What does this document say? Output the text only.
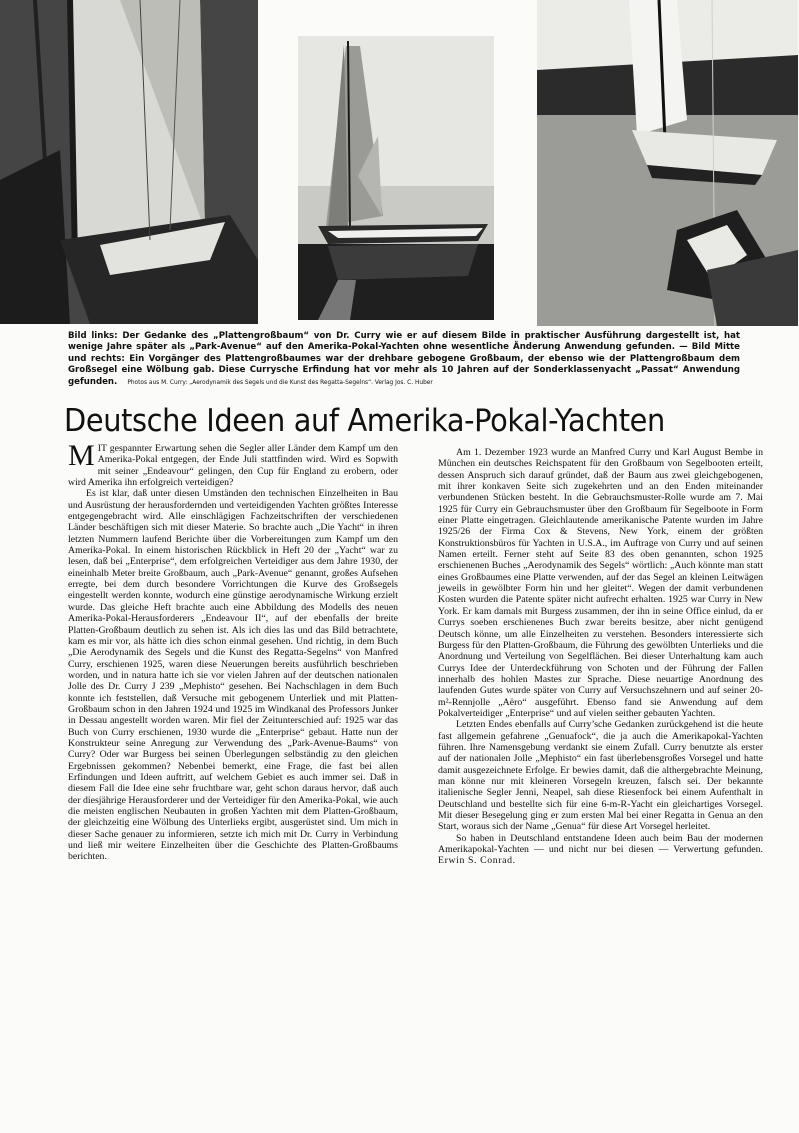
Bild links: Der Gedanke des „Plattengroßbaum“ von Dr. Curry wie er auf diesem Bilde in praktischer Ausführung dargestellt ist, hat wenige Jahre später als „Park-Avenue“ auf den Amerika-Pokal-Yachten ohne wesentliche Änderung Anwendung gefunden. — Bild Mitte und rechts: Ein Vorgänger des Plattengroßbaumes war der drehbare gebogene Großbaum, der ebenso wie der Plattengroßbaum dem Großsegel eine Wölbung gab. Diese Currysche Erfindung hat vor mehr als 10 Jahren auf der Sonderklassenyacht „Passat“ Anwendung gefunden. Photos aus M. Curry: „Aerodynamik des Segels und die Kunst des Regatta-Segelns“. Verlag Jos. C. Huber

Deutsche Ideen auf Amerika-Pokal-Yachten

MIT gespannter Erwartung sehen die Segler aller Länder dem Kampf um den Amerika-Pokal entgegen, der Ende Juli stattfinden wird. Wird es Sopwith mit seiner „Endeavour“ gelingen, den Cup für England zu erobern, oder wird Amerika ihn erfolgreich verteidigen?

Es ist klar, daß unter diesen Umständen den technischen Einzelheiten in Bau und Ausrüstung der herausfordernden und verteidigenden Yachten größtes Interesse entgegengebracht wird. Alle einschlägigen Fachzeitschriften der verschiedenen Länder beschäftigen sich mit dieser Materie. So brachte auch „Die Yacht“ in ihren letzten Nummern laufend Berichte über die Vorbereitungen zum Kampf um den Amerika-Pokal. In einem historischen Rückblick in Heft 20 der „Yacht“ war zu lesen, daß bei „Enterprise“, dem erfolgreichen Verteidiger aus dem Jahre 1930, der eineinhalb Meter breite Großbaum, auch „Park-Avenue“ genannt, großes Aufsehen erregte, bei dem durch besondere Vorrichtungen die Kurve des Großsegels eingestellt werden konnte, wodurch eine günstige aerodynamische Wirkung erzielt wurde. Das gleiche Heft brachte auch eine Abbildung des Modells des neuen Amerika-Pokal-Herausforderers „Endeavour II“, auf der ebenfalls der breite Platten-Großbaum deutlich zu sehen ist. Als ich dies las und das Bild betrachtete, kam es mir vor, als hätte ich dies schon einmal gesehen. Und richtig, in dem Buch „Die Aerodynamik des Segels und die Kunst des Regatta-Segelns“ von Manfred Curry, erschienen 1925, waren diese Neuerungen bereits ausführlich beschrieben worden, und in natura hatte ich sie vor vielen Jahren auf der deutschen nationalen Jolle des Dr. Curry J 239 „Mephisto“ gesehen. Bei Nachschlagen in dem Buch konnte ich feststellen, daß Versuche mit gebogenem Unterliek und mit Platten-Großbaum schon in den Jahren 1924 und 1925 im Windkanal des Professors Junker in Dessau angestellt worden waren. Mir fiel der Zeitunterschied auf: 1925 war das Buch von Curry erschienen, 1930 wurde die „Enterprise“ gebaut. Hatte nun der Konstrukteur seine Anregung zur Verwendung des „Park-Avenue-Baums“ von Curry? Oder war Burgess bei seinen Überlegungen selbständig zu den gleichen Ergebnissen gekommen? Nebenbei bemerkt, eine Frage, die fast bei allen Erfindungen und Ideen auftritt, auf welchem Gebiet es auch immer sei. Daß in diesem Fall die Idee eine sehr fruchtbare war, geht schon daraus hervor, daß auch der diesjährige Herausforderer und der Verteidiger für den Amerika-Pokal, wie auch die meisten englischen Neubauten in großen Yachten mit dem Platten-Großbaum, der gleichzeitig eine Wölbung des Unterlieks ergibt, ausgerüstet sind. Um mich in dieser Sache genauer zu informieren, setzte ich mich mit Dr. Curry in Verbindung und ließ mir weitere Einzelheiten über die Geschichte des Platten-Großbaums berichten.

Am 1. Dezember 1923 wurde an Manfred Curry und Karl August Bembe in München ein deutsches Reichspatent für den Großbaum von Segelbooten erteilt, dessen Anspruch sich darauf gründet, daß der Baum aus zwei gleichgebogenen, mit ihrer konkaven Seite sich zugekehrten und an den Enden miteinander verbundenen Stücken besteht. In die Gebrauchsmuster-Rolle wurde am 7. Mai 1925 für Curry ein Gebrauchsmuster über den Großbaum für Segelboote in Form einer Platte eingetragen. Gleichlautende amerikanische Patente wurden im Jahre 1925/26 der Firma Cox & Stevens, New York, einem der größten Konstruktionsbüros für Yachten in U.S.A., im Auftrage von Curry und auf seinen Namen erteilt. Ferner steht auf Seite 83 des oben genannten, schon 1925 erschienenen Buches „Aerodynamik des Segels“ wörtlich: „Auch könnte man statt eines Großbaumes eine Platte verwenden, auf der das Segel an kleinen Leitwägen jeweils in gewölbter Form hin und her gleitet“. Wegen der damit verbundenen Kosten wurden die Patente später nicht aufrecht erhalten. 1925 war Curry in New York. Er kam damals mit Burgess zusammen, der ihn in seine Office einlud, da er Currys soeben erschienenes Buch zwar bereits besitze, aber nicht genügend Deutsch könne, um alle Einzelheiten zu verstehen. Besonders interessierte sich Burgess für den Platten-Großbaum, die Führung des gewölbten Unterlieks und die Anordnung und Verteilung von Segelflächen. Bei dieser Unterhaltung kam auch Currys Idee der Unterdeckführung von Schoten und der Führung der Fallen innerhalb des hohlen Mastes zur Sprache. Diese neuartige Anordnung des laufenden Gutes wurde später von Curry auf Versuchszehnern und auf seiner 20-m²-Rennjolle „Aëro“ ausgeführt. Ebenso fand sie Anwendung auf dem Pokalverteidiger „Enterprise“ und auf vielen seither gebauten Yachten.

Letzten Endes ebenfalls auf Curry’sche Gedanken zurückgehend ist die heute fast allgemein gefahrene „Genuafock“, die ja auch die Amerikapokal-Yachten führen. Ihre Namensgebung verdankt sie einem Zufall. Curry benutzte als erster auf der nationalen Jolle „Mephisto“ ein fast überlebensgroßes Vorsegel und hatte damit ausgezeichnete Erfolge. Er bewies damit, daß die althergebrachte Meinung, man könne nur mit kleineren Vorsegeln kreuzen, falsch sei. Der bekannte italienische Segler Jenni, Neapel, sah diese Riesenfock bei einem Aufenthalt in Deutschland und bestellte sich für eine 6-m-R-Yacht ein gleichartiges Vorsegel. Mit dieser Besegelung ging er zum ersten Mal bei einer Regatta in Genua an den Start, woraus sich der Name „Genua“ für diese Art Vorsegel herleitet.

So haben in Deutschland entstandene Ideen auch beim Bau der modernen Amerikapokal-Yachten — und nicht nur bei diesen — Verwertung gefunden. Erwin S. Conrad.
